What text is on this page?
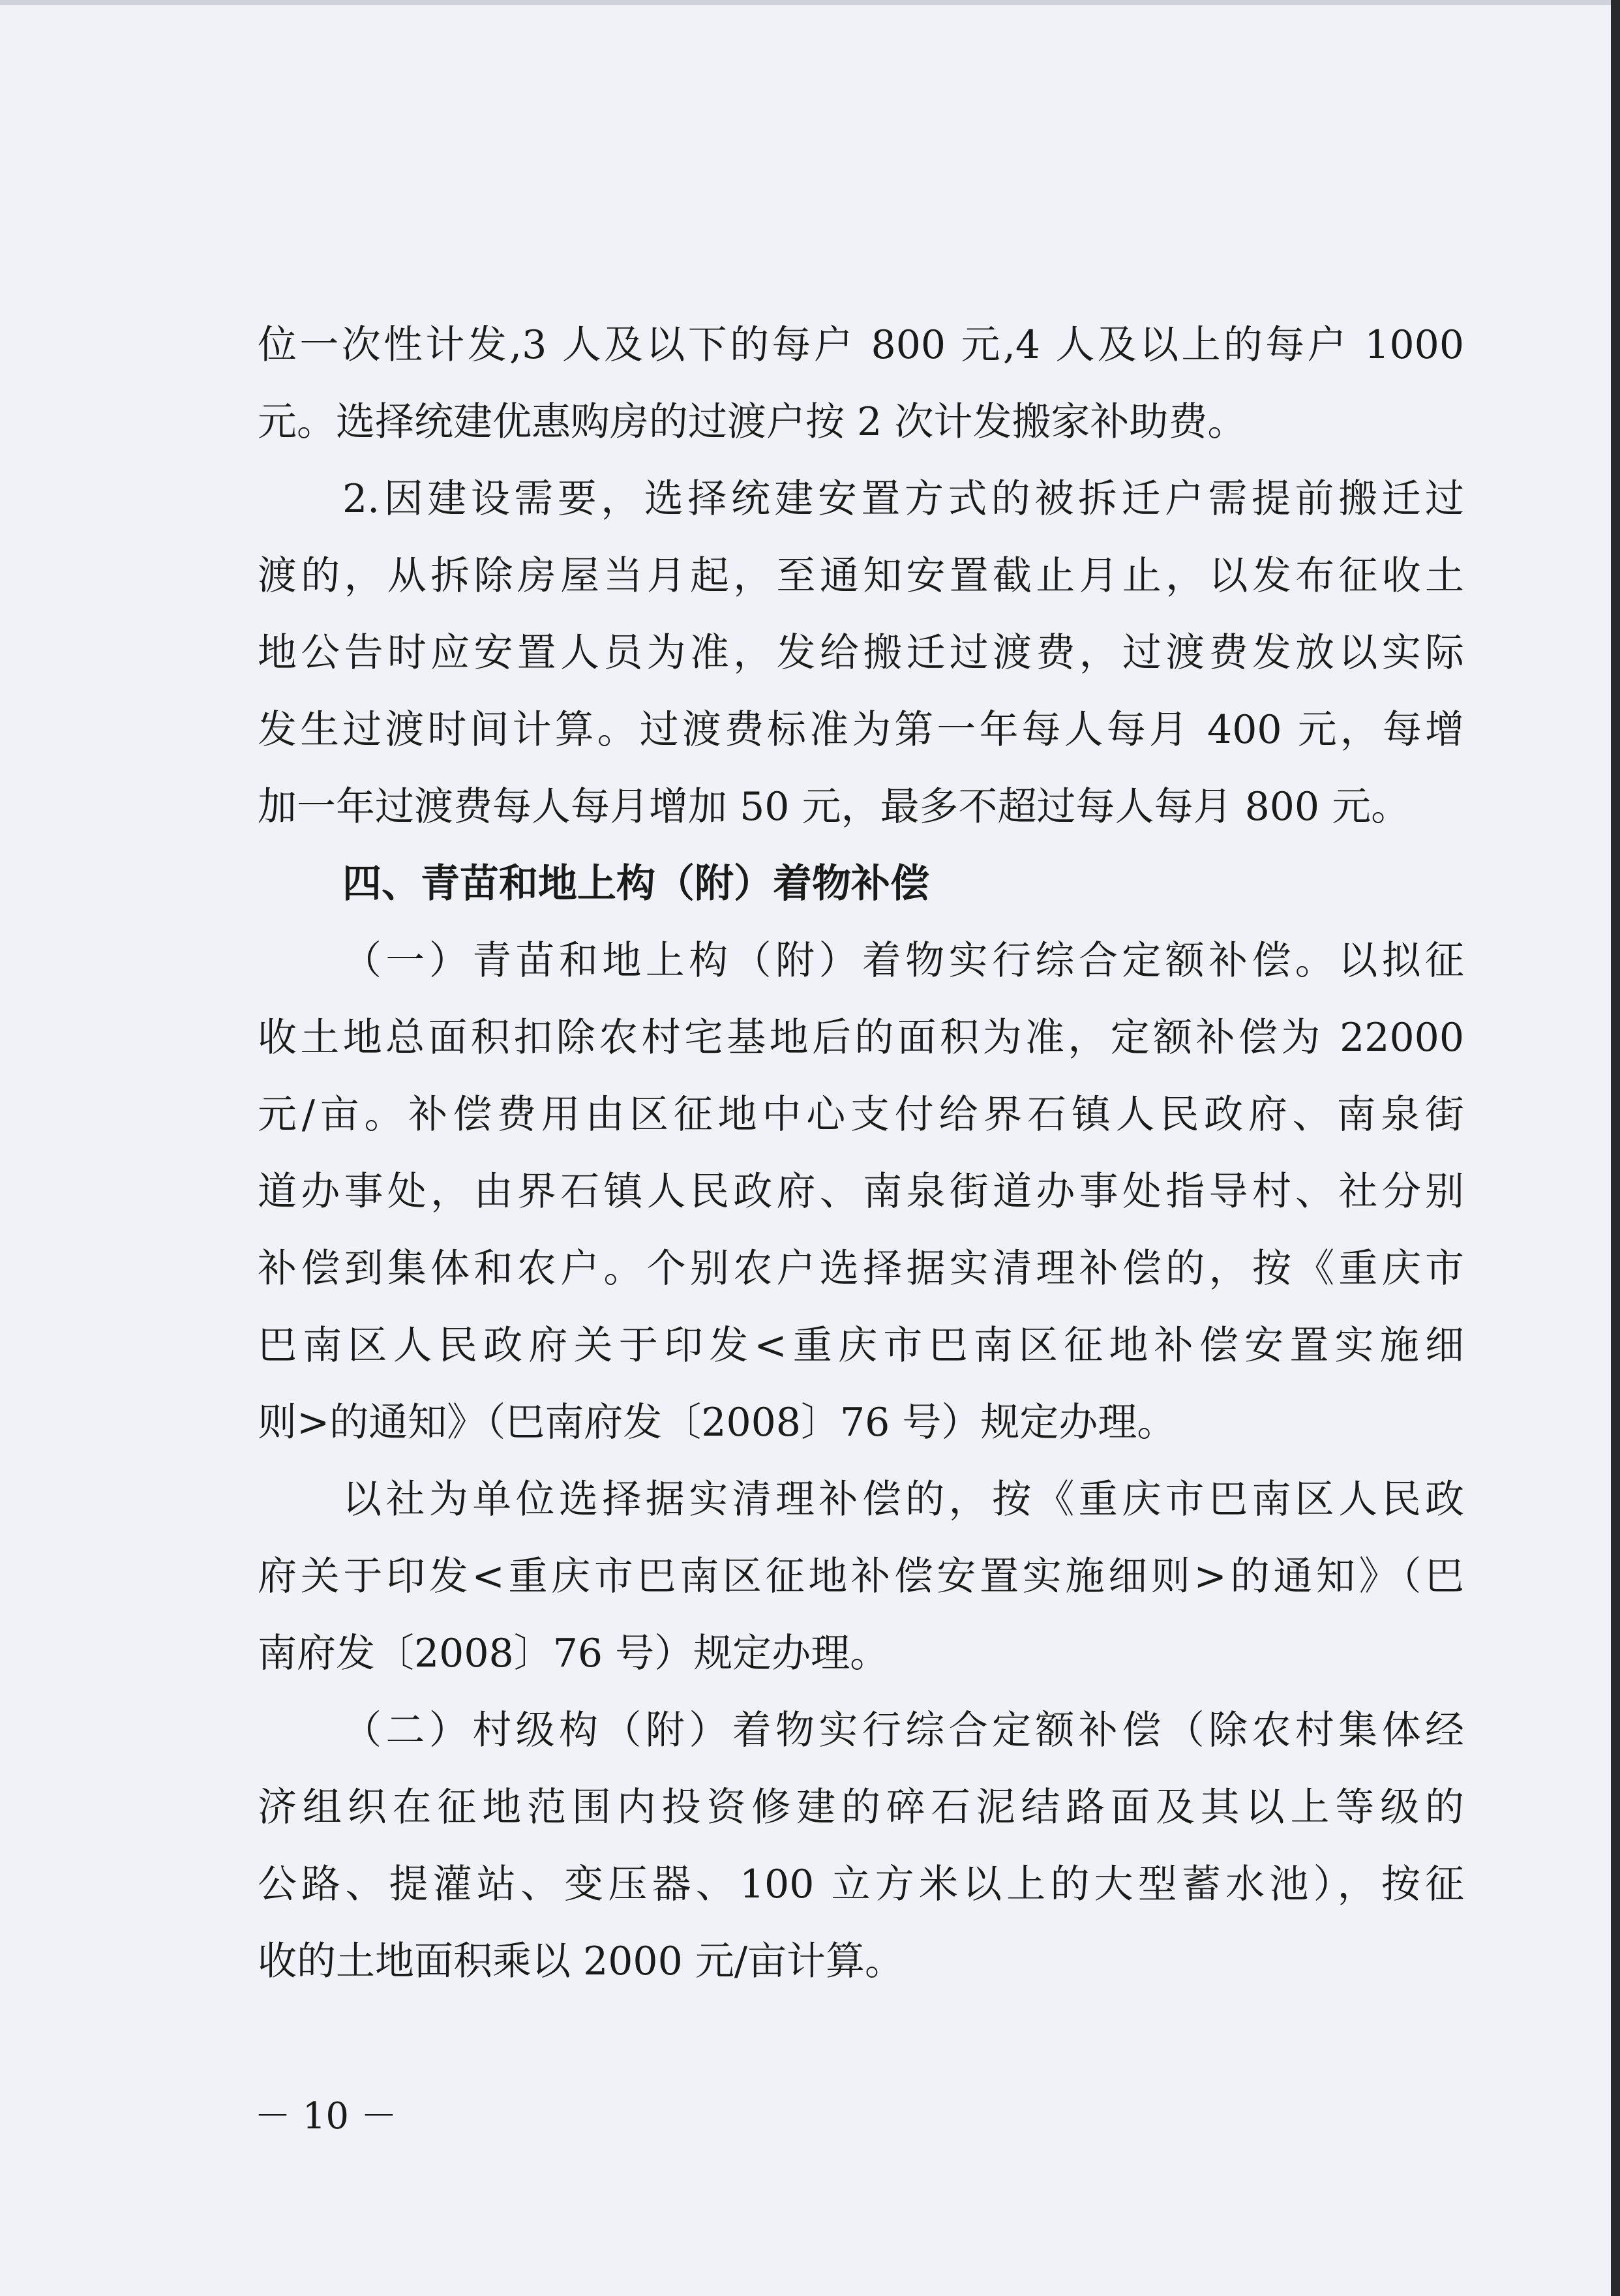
位一次性计发,3 人及以下的每户 800 元,4 人及以上的每户 1000
元。选择统建优惠购房的过渡户按 2 次计发搬家补助费。
2.因建设需要，选择统建安置方式的被拆迁户需提前搬迁过
渡的，从拆除房屋当月起，至通知安置截止月止，以发布征收土
地公告时应安置人员为准，发给搬迁过渡费，过渡费发放以实际
发生过渡时间计算。过渡费标准为第一年每人每月 400 元，每增
加一年过渡费每人每月增加 50 元，最多不超过每人每月 800 元。
四、青苗和地上构（附）着物补偿
（一）青苗和地上构（附）着物实行综合定额补偿。以拟征
收土地总面积扣除农村宅基地后的面积为准，定额补偿为 22000
元/亩。补偿费用由区征地中心支付给界石镇人民政府、南泉街
道办事处，由界石镇人民政府、南泉街道办事处指导村、社分别
补偿到集体和农户。个别农户选择据实清理补偿的，按《重庆市
巴南区人民政府关于印发<重庆市巴南区征地补偿安置实施细
则>的通知》（巴南府发〔2008〕76 号）规定办理。
以社为单位选择据实清理补偿的，按《重庆市巴南区人民政
府关于印发<重庆市巴南区征地补偿安置实施细则>的通知》（巴
南府发〔2008〕76 号）规定办理。
（二）村级构（附）着物实行综合定额补偿（除农村集体经
济组织在征地范围内投资修建的碎石泥结路面及其以上等级的
公路、提灌站、变压器、100 立方米以上的大型蓄水池），按征
收的土地面积乘以 2000 元/亩计算。
－ 10 －
